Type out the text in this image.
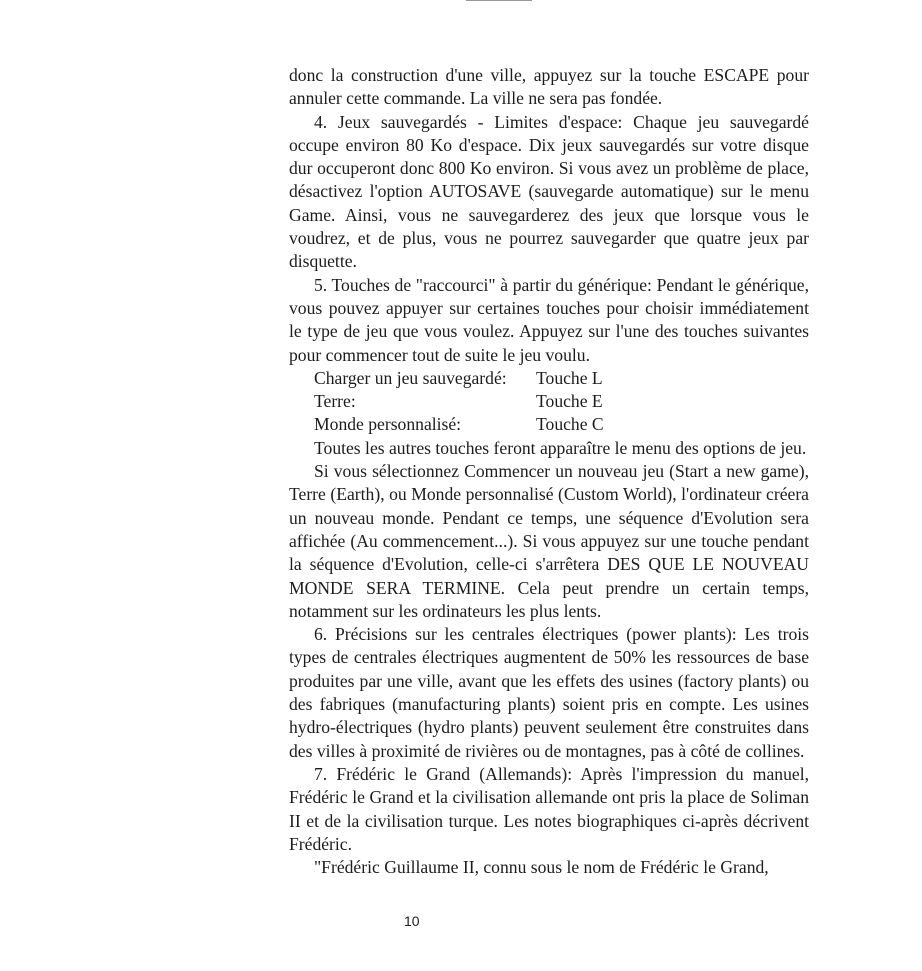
donc la construction d'une ville, appuyez sur la touche ESCAPE pour annuler cette commande. La ville ne sera pas fondée.

4. Jeux sauvegardés - Limites d'espace: Chaque jeu sauvegardé occupe environ 80 Ko d'espace. Dix jeux sauvegardés sur votre disque dur occuperont donc 800 Ko environ. Si vous avez un problème de place, désactivez l'option AUTOSAVE (sauvegarde automatique) sur le menu Game. Ainsi, vous ne sauvegarderez des jeux que lorsque vous le voudrez, et de plus, vous ne pourrez sauvegarder que quatre jeux par disquette.

5. Touches de "raccourci" à partir du générique: Pendant le générique, vous pouvez appuyer sur certaines touches pour choisir immédiatement le type de jeu que vous voulez. Appuyez sur l'une des touches suivantes pour commencer tout de suite le jeu voulu.

Charger un jeu sauvegardé:	Touche L
Terre:	Touche E
Monde personnalisé:	Touche C

Toutes les autres touches feront apparaître le menu des options de jeu.

Si vous sélectionnez Commencer un nouveau jeu (Start a new game), Terre (Earth), ou Monde personnalisé (Custom World), l'ordinateur créera un nouveau monde. Pendant ce temps, une séquence d'Evolution sera affichée (Au commencement...). Si vous appuyez sur une touche pendant la séquence d'Evolution, celle-ci s'arrêtera DES QUE LE NOUVEAU MONDE SERA TERMINE. Cela peut prendre un certain temps, notamment sur les ordinateurs les plus lents.

6. Précisions sur les centrales électriques (power plants): Les trois types de centrales électriques augmentent de 50% les ressources de base produites par une ville, avant que les effets des usines (factory plants) ou des fabriques (manufacturing plants) soient pris en compte. Les usines hydro-électriques (hydro plants) peuvent seulement être construites dans des villes à proximité de rivières ou de montagnes, pas à côté de collines.

7. Frédéric le Grand (Allemands): Après l'impression du manuel, Frédéric le Grand et la civilisation allemande ont pris la place de Soliman II et de la civilisation turque. Les notes biographiques ci-après décrivent Frédéric.

"Frédéric Guillaume II, connu sous le nom de Frédéric le Grand,

10
